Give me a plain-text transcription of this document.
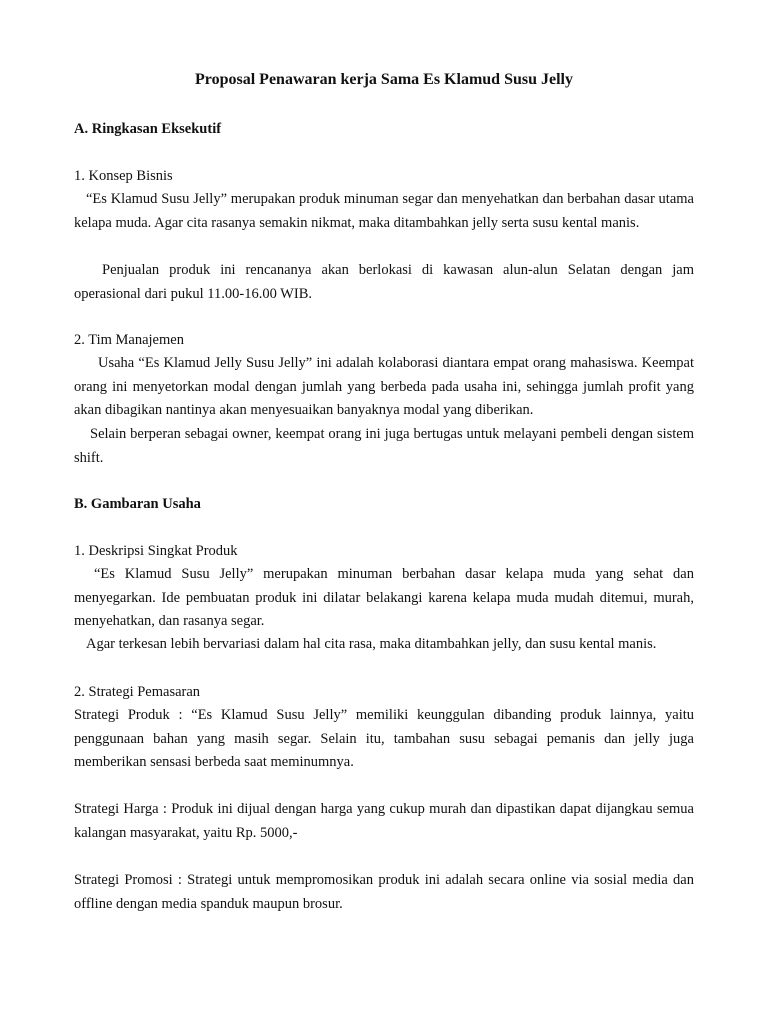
Proposal Penawaran kerja Sama Es Klamud Susu Jelly
A. Ringkasan Eksekutif
1. Konsep Bisnis
“Es Klamud Susu Jelly” merupakan produk minuman segar dan menyehatkan dan berbahan dasar utama kelapa muda. Agar cita rasanya semakin nikmat, maka ditambahkan jelly serta susu kental manis.
Penjualan produk ini rencananya akan berlokasi di kawasan alun-alun Selatan dengan jam operasional dari pukul 11.00-16.00 WIB.
2. Tim Manajemen
Usaha “Es Klamud Jelly Susu Jelly” ini adalah kolaborasi diantara empat orang mahasiswa. Keempat orang ini menyetorkan modal dengan jumlah yang berbeda pada usaha ini, sehingga jumlah profit yang akan dibagikan nantinya akan menyesuaikan banyaknya modal yang diberikan.
Selain berperan sebagai owner, keempat orang ini juga bertugas untuk melayani pembeli dengan sistem shift.
B. Gambaran Usaha
1. Deskripsi Singkat Produk
“Es Klamud Susu Jelly” merupakan minuman berbahan dasar kelapa muda yang sehat dan menyegarkan. Ide pembuatan produk ini dilatar belakangi karena kelapa muda mudah ditemui, murah, menyehatkan, dan rasanya segar.
Agar terkesan lebih bervariasi dalam hal cita rasa, maka ditambahkan jelly, dan susu kental manis.
2. Strategi Pemasaran
Strategi Produk : “Es Klamud Susu Jelly” memiliki keunggulan dibanding produk lainnya, yaitu penggunaan bahan yang masih segar. Selain itu, tambahan susu sebagai pemanis dan jelly juga memberikan sensasi berbeda saat meminumnya.
Strategi Harga : Produk ini dijual dengan harga yang cukup murah dan dipastikan dapat dijangkau semua kalangan masyarakat, yaitu Rp. 5000,-
Strategi Promosi : Strategi untuk mempromosikan produk ini adalah secara online via sosial media dan offline dengan media spanduk maupun brosur.
